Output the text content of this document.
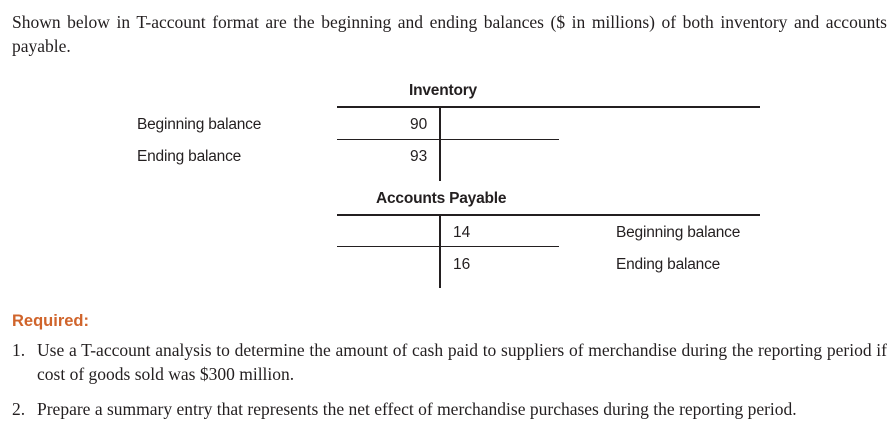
Shown below in T-account format are the beginning and ending balances ($ in millions) of both inventory and accounts payable.
Inventory
Beginning balance
Ending balance
90
93
Accounts Payable
14
16
Beginning balance
Ending balance
Required:
1. Use a T-account analysis to determine the amount of cash paid to suppliers of merchandise during the reporting period if cost of goods sold was $300 million.
2. Prepare a summary entry that represents the net effect of merchandise purchases during the reporting period.
